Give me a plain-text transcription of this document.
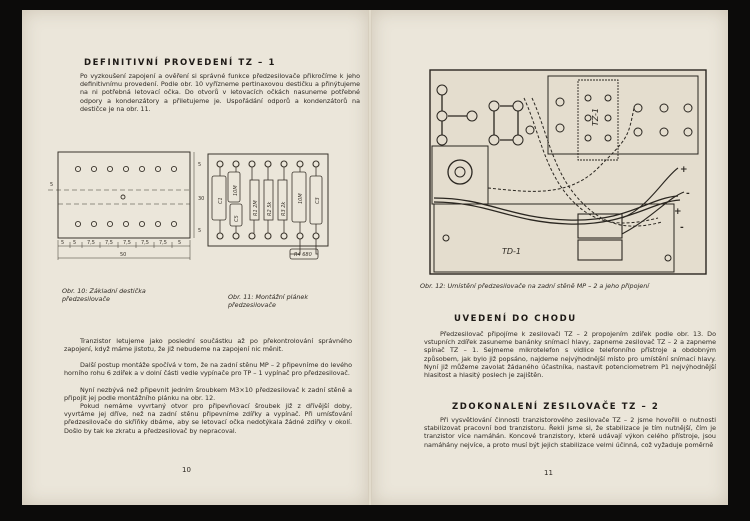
DEFINITIVNÍ PROVEDENÍ TZ – 1

Po vyzkoušení zapojení a ověření si správné funkce předzesilovače přikročíme k jeho definitivnímu provedení. Podle obr. 10 vyřízneme pertinaxovou destičku a přinýtujeme na ni potřebná letovací očka. Do otvorů v letovacích očkách nasuneme potřebné odpory a kondenzátory a přiletujeme je. Uspořádání odporů a kondenzátorů na destičce je na obr. 11.

5 5 7,5 7,5 7,5 7,5 7,5 5
50
5
30
5
5
C1
10M
C5
R1 2M R2 5k R3 2k
10M C3
R4 680

Obr. 10: Základní destička předzesilovače	Obr. 11: Montážní plánek předzesilovače

Tranzistor letujeme jako poslední součástku až po překontrolování správného zapojení, když máme jistotu, že již nebudeme na zapojení nic měnit.

Další postup montáže spočívá v tom, že na zadní stěnu MP – 2 připevníme do levého horního rohu 6 zdířek a v dolní části vedle vypínače pro TP – 1 vypínač pro předzesilovač.

Nyní nezbývá než připevnit jedním šroubkem M3×10 předzesilovač k zadní stěně a připojit jej podle montážního plánku na obr. 12.

Pokud nemáme vyvrtaný otvor pro připevňovací šroubek již z dřívější doby, vyvrtáme jej dříve, než na zadní stěnu připevníme zdířky a vypínač. Při umísťování předzesilovače do skříňky dbáme, aby se letovací očka nedotýkala žádné zdířky v okolí. Došlo by tak ke zkratu a předzesilovač by nepracoval.

10

+
-
+
-
TZ-1
TD-1

Obr. 12: Umístění předzesilovače na zadní stěně MP – 2 a jeho připojení

UVEDENÍ DO CHODU

Předzesilovač připojíme k zesilovači TZ – 2 propojením zdířek podle obr. 13. Do vstupních zdířek zasuneme banánky snímací hlavy, zapneme zesilovač TZ – 2 a zapneme spínač TZ – 1. Sejmeme mikrotelefon s vidlice telefonního přístroje a obdobným způsobem, jak bylo již popsáno, najdeme nejvýhodnější místo pro umístění snímací hlavy. Nyní již můžeme zavolat žádaného účastníka, nastavit potenciometrem P1 nejvýhodnější hlasitost a hlasitý poslech je zajištěn.

ZDOKONALENÍ ZESILOVAČE TZ – 2

Při vysvětlování činnosti tranzistorového zesilovače TZ – 2 jsme hovořili o nutnosti stabilizovat pracovní bod tranzistoru. Řekli jsme si, že stabilizace je tím nutnější, čím je tranzistor více namáhán. Koncové tranzistory, které udávají výkon celého přístroje, jsou namáhány nejvíce, a proto musí být jejich stabilizace velmi účinná, což vyžaduje poměrně

11
